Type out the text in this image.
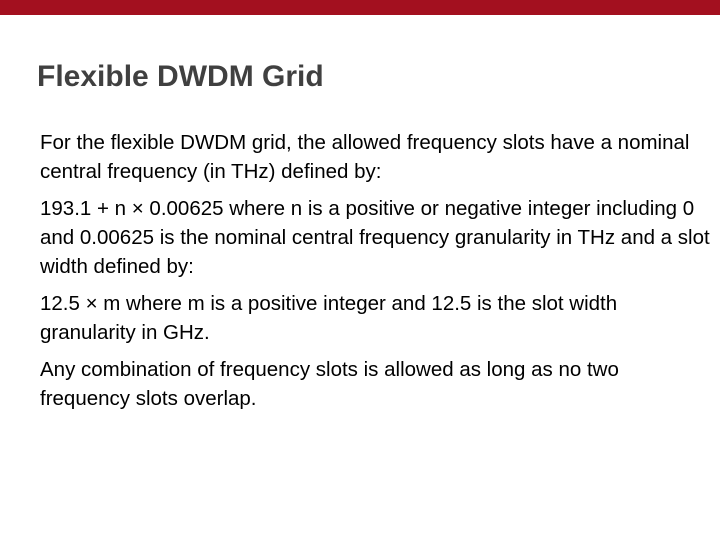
Flexible DWDM Grid

For the flexible DWDM grid, the allowed frequency slots have a nominal central frequency (in THz) defined by:

193.1 + n × 0.00625 where n is a positive or negative integer including 0 and 0.00625 is the nominal central frequency granularity in THz and a slot width defined by:

12.5 × m where m is a positive integer and 12.5 is the slot width granularity in GHz.

Any combination of frequency slots is allowed as long as no two frequency slots overlap.
